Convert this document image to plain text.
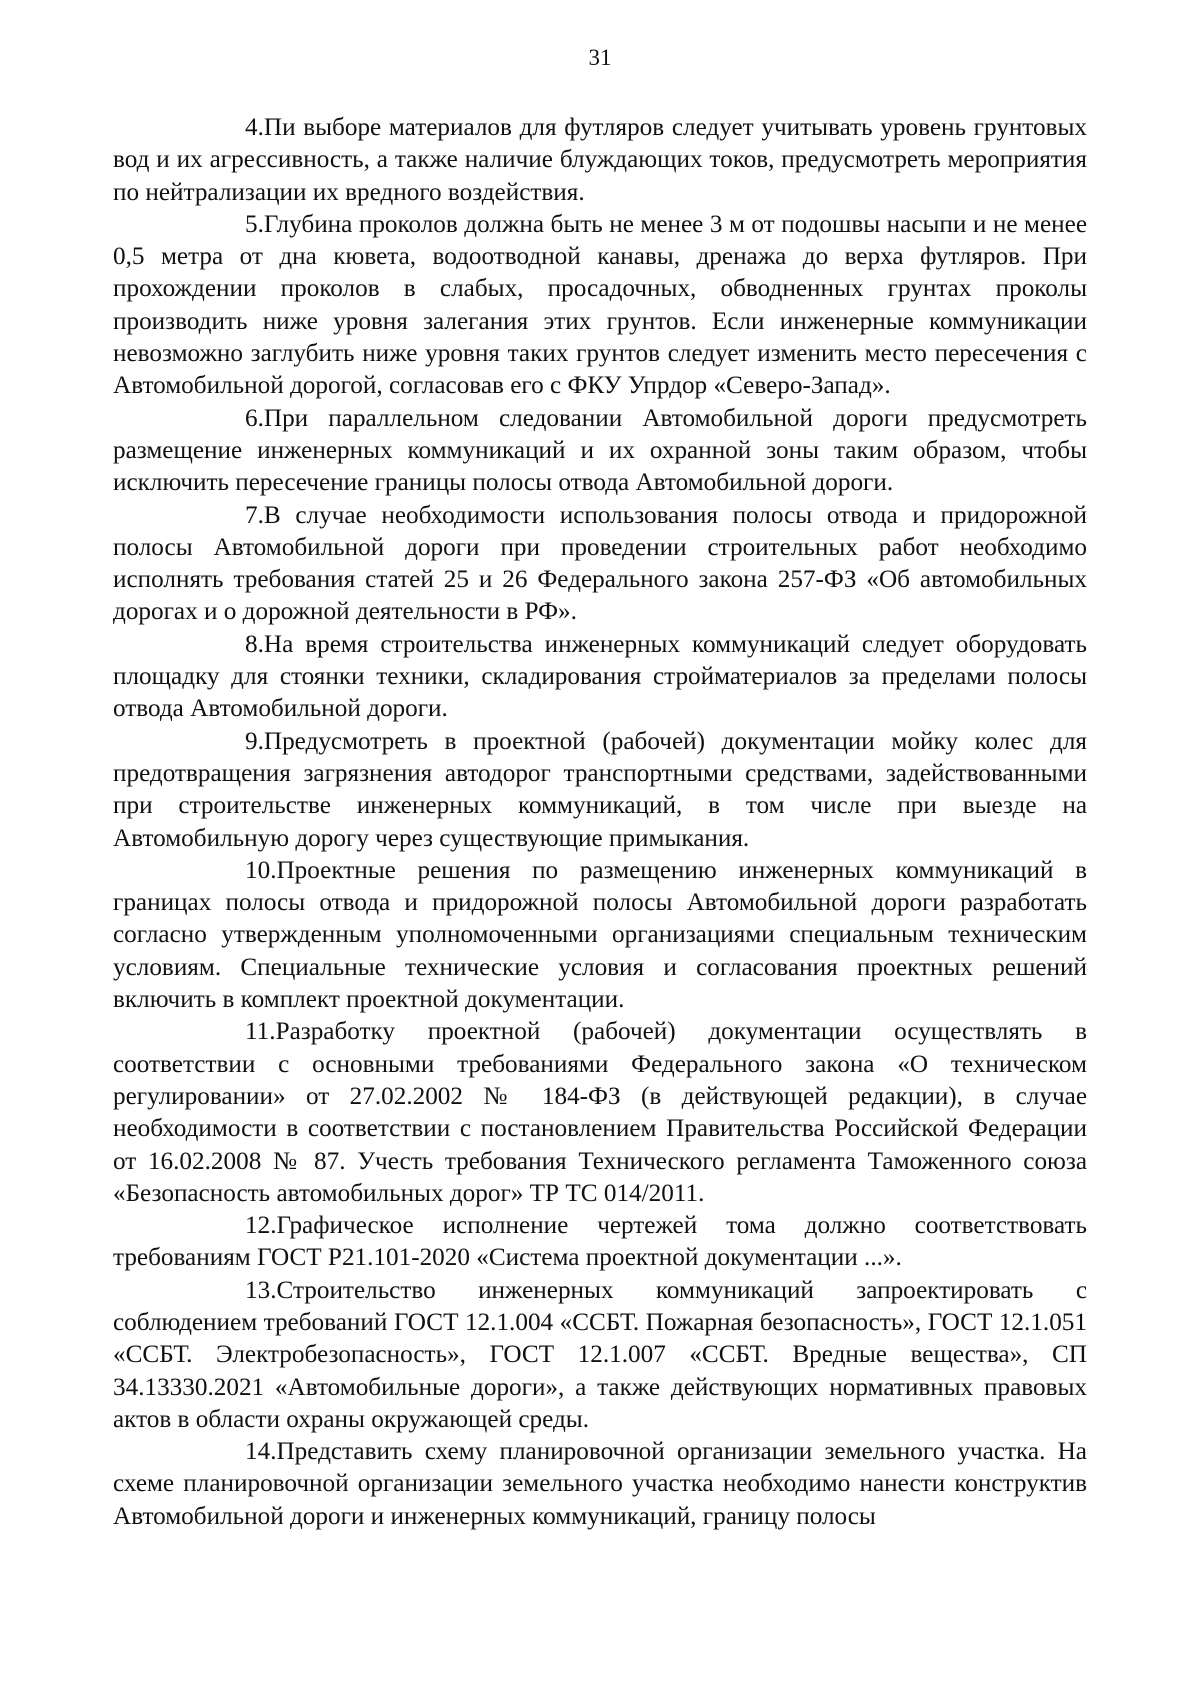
31

4.Пи выборе материалов для футляров следует учитывать уровень грунтовых вод и их агрессивность, а также наличие блуждающих токов, предусмотреть мероприятия по нейтрализации их вредного воздействия.

5.Глубина проколов должна быть не менее 3 м от подошвы насыпи и не менее 0,5 метра от дна кювета, водоотводной канавы, дренажа до верха футляров. При прохождении проколов в слабых, просадочных, обводненных грунтах проколы производить ниже уровня залегания этих грунтов. Если инженерные коммуникации невозможно заглубить ниже уровня таких грунтов следует изменить место пересечения с Автомобильной дорогой, согласовав его с ФКУ Упрдор «Северо-Запад».

6.При параллельном следовании Автомобильной дороги предусмотреть размещение инженерных коммуникаций и их охранной зоны таким образом, чтобы исключить пересечение границы полосы отвода Автомобильной дороги.

7.В случае необходимости использования полосы отвода и придорожной полосы Автомобильной дороги при проведении строительных работ необходимо исполнять требования статей 25 и 26 Федерального закона 257-ФЗ «Об автомобильных дорогах и о дорожной деятельности в РФ».

8.На время строительства инженерных коммуникаций следует оборудовать площадку для стоянки техники, складирования стройматериалов за пределами полосы отвода Автомобильной дороги.

9.Предусмотреть в проектной (рабочей) документации мойку колес для предотвращения загрязнения автодорог транспортными средствами, задействованными при строительстве инженерных коммуникаций, в том числе при выезде на Автомобильную дорогу через существующие примыкания.

10.Проектные решения по размещению инженерных коммуникаций в границах полосы отвода и придорожной полосы Автомобильной дороги разработать согласно утвержденным уполномоченными организациями специальным техническим условиям. Специальные технические условия и согласования проектных решений включить в комплект проектной документации.

11.Разработку проектной (рабочей) документации осуществлять в соответствии с основными требованиями Федерального закона «О техническом регулировании» от 27.02.2002 № 184-ФЗ (в действующей редакции), в случае необходимости в соответствии с постановлением Правительства Российской Федерации от 16.02.2008 № 87. Учесть требования Технического регламента Таможенного союза «Безопасность автомобильных дорог» ТР ТС 014/2011.

12.Графическое исполнение чертежей тома должно соответствовать требованиям ГОСТ Р21.101-2020 «Система проектной документации ...».

13.Строительство инженерных коммуникаций запроектировать с соблюдением требований ГОСТ 12.1.004 «ССБТ. Пожарная безопасность», ГОСТ 12.1.051 «ССБТ. Электробезопасность», ГОСТ 12.1.007 «ССБТ. Вредные вещества», СП 34.13330.2021 «Автомобильные дороги», а также действующих нормативных правовых актов в области охраны окружающей среды.

14.Представить схему планировочной организации земельного участка. На схеме планировочной организации земельного участка необходимо нанести конструктив Автомобильной дороги и инженерных коммуникаций, границу полосы
